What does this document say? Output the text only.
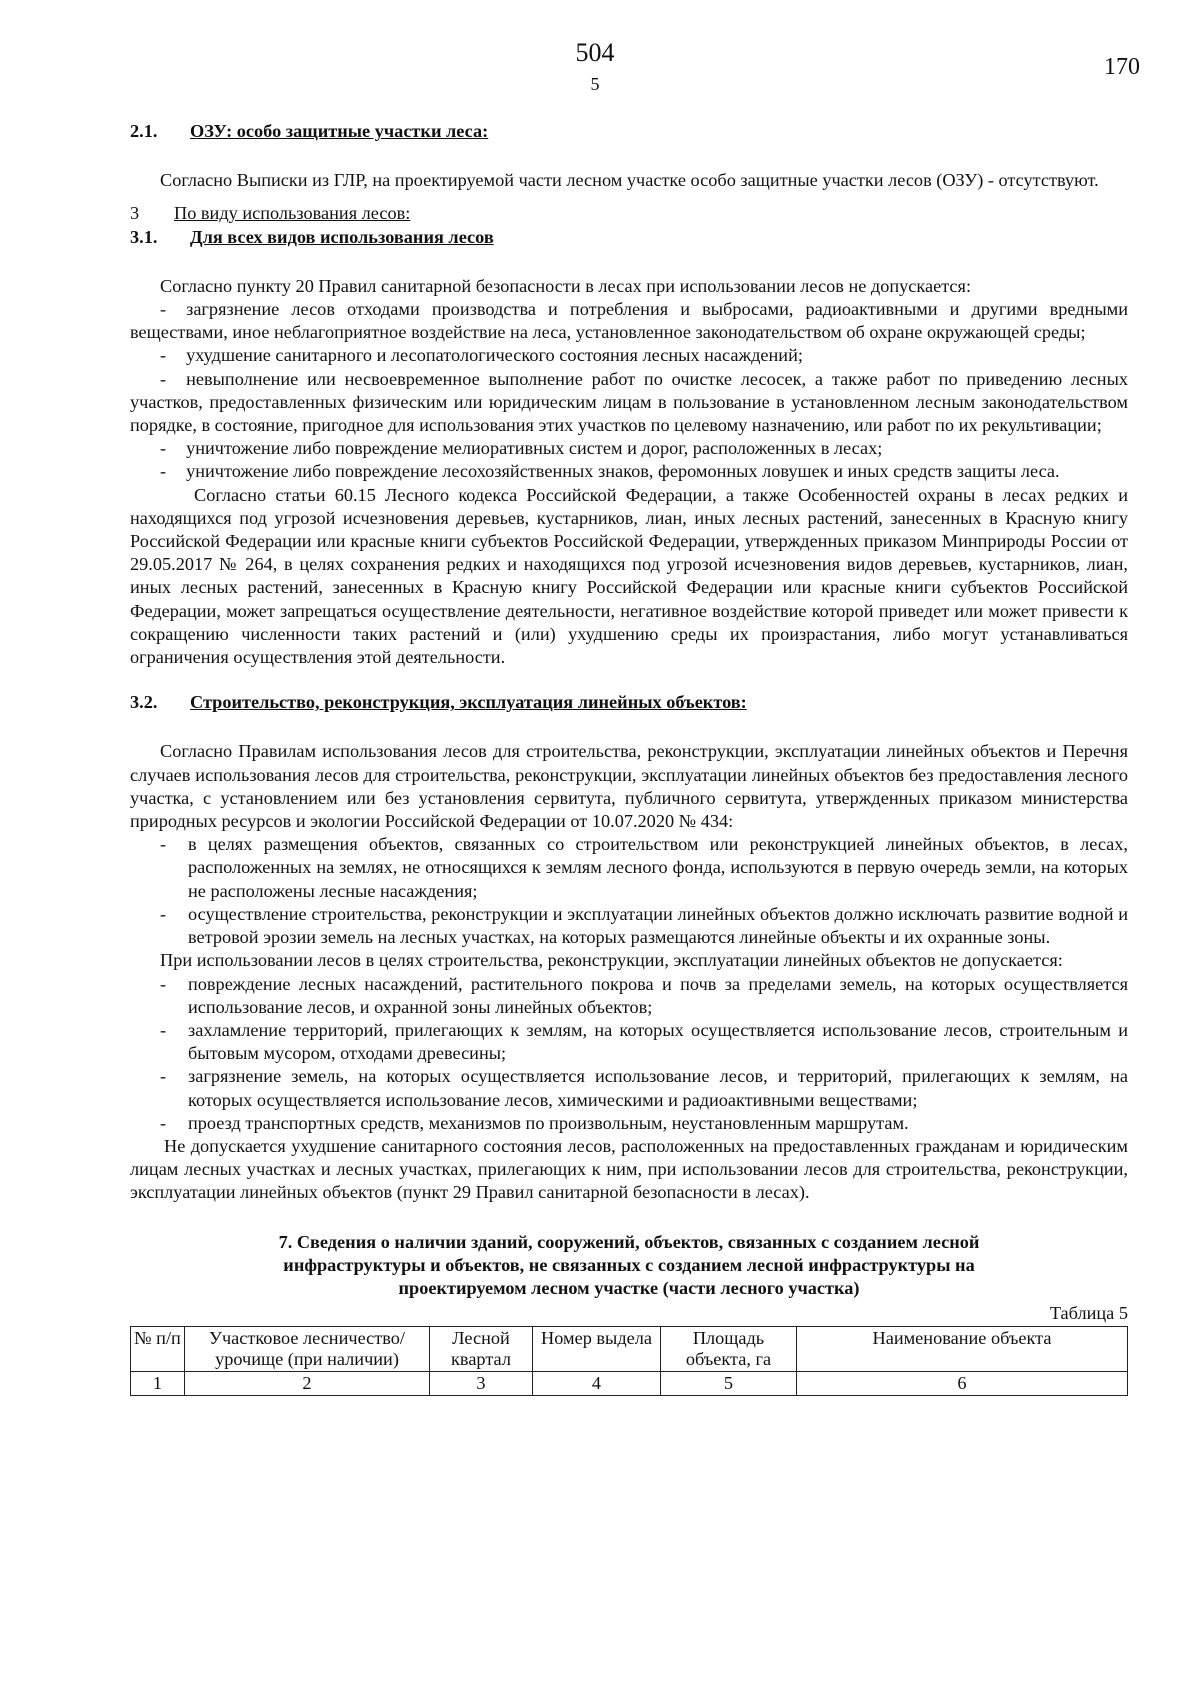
504
5
170
2.1.	ОЗУ: особо защитные участки леса:

Согласно Выписки из ГЛР, на проектируемой части лесном участке особо защитные участки лесов (ОЗУ) - отсутствуют.

3	По виду использования лесов:
3.1.	Для всех видов использования лесов

Согласно пункту 20 Правил санитарной безопасности в лесах при использовании лесов не допускается:

- загрязнение лесов отходами производства и потребления и выбросами, радиоактивными и другими вредными веществами, иное неблагоприятное воздействие на леса, установленное законодательством об охране окружающей среды;

- ухудшение санитарного и лесопатологического состояния лесных насаждений;

- невыполнение или несвоевременное выполнение работ по очистке лесосек, а также работ по приведению лесных участков, предоставленных физическим или юридическим лицам в пользование в установленном лесным законодательством порядке, в состояние, пригодное для использования этих участков по целевому назначению, или работ по их рекультивации;

- уничтожение либо повреждение мелиоративных систем и дорог, расположенных в лесах;

- уничтожение либо повреждение лесохозяйственных знаков, феромонных ловушек и иных средств защиты леса.

Согласно статьи 60.15 Лесного кодекса Российской Федерации, а также Особенностей охраны в лесах редких и находящихся под угрозой исчезновения деревьев, кустарников, лиан, иных лесных растений, занесенных в Красную книгу Российской Федерации или красные книги субъектов Российской Федерации, утвержденных приказом Минприроды России от 29.05.2017 № 264, в целях сохранения редких и находящихся под угрозой исчезновения видов деревьев, кустарников, лиан, иных лесных растений, занесенных в Красную книгу Российской Федерации или красные книги субъектов Российской Федерации, может запрещаться осуществление деятельности, негативное воздействие которой приведет или может привести к сокращению численности таких растений и (или) ухудшению среды их произрастания, либо могут устанавливаться ограничения осуществления этой деятельности.

3.2.	Строительство, реконструкция, эксплуатация линейных объектов:

Согласно Правилам использования лесов для строительства, реконструкции, эксплуатации линейных объектов и Перечня случаев использования лесов для строительства, реконструкции, эксплуатации линейных объектов без предоставления лесного участка, с установлением или без установления сервитута, публичного сервитута, утвержденных приказом министерства природных ресурсов и экологии Российской Федерации от 10.07.2020 № 434:

-	в целях размещения объектов, связанных со строительством или реконструкцией линейных объектов, в лесах, расположенных на землях, не относящихся к землям лесного фонда, используются в первую очередь земли, на которых не расположены лесные насаждения;
-	осуществление строительства, реконструкции и эксплуатации линейных объектов должно исключать развитие водной и ветровой эрозии земель на лесных участках, на которых размещаются линейные объекты и их охранные зоны.

При использовании лесов в целях строительства, реконструкции, эксплуатации линейных объектов не допускается:

-	повреждение лесных насаждений, растительного покрова и почв за пределами земель, на которых осуществляется использование лесов, и охранной зоны линейных объектов;
-	захламление территорий, прилегающих к землям, на которых осуществляется использование лесов, строительным и бытовым мусором, отходами древесины;
-	загрязнение земель, на которых осуществляется использование лесов, и территорий, прилегающих к землям, на которых осуществляется использование лесов, химическими и радиоактивными веществами;
-	проезд транспортных средств, механизмов по произвольным, неустановленным маршрутам.

Не допускается ухудшение санитарного состояния лесов, расположенных на предоставленных гражданам и юридическим лицам лесных участках и лесных участках, прилегающих к ним, при использовании лесов для строительства, реконструкции, эксплуатации линейных объектов (пункт 29 Правил санитарной безопасности в лесах).

7. Сведения о наличии зданий, сооружений, объектов, связанных с созданием лесной инфраструктуры и объектов, не связанных с созданием лесной инфраструктуры на проектируемом лесном участке (части лесного участка)
Таблица 5
№ п/п	Участковое лесничество/урочище (при наличии)	Лесной квартал	Номер выдела	Площадь объекта, га	Наименование объекта
1	2	3	4	5	6
